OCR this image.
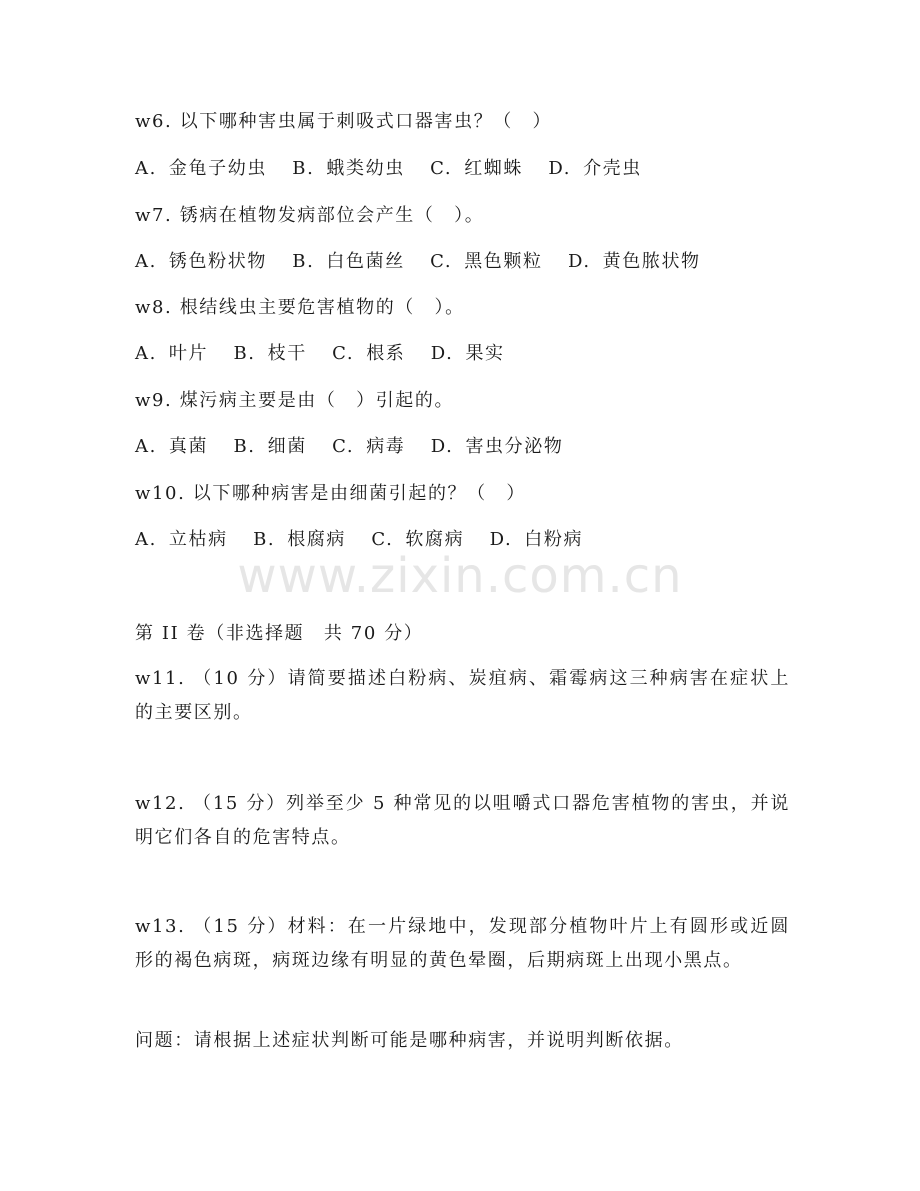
www.zixin.com.cn
w6. 以下哪种害虫属于刺吸式口器害虫？（　）
A. 金龟子幼虫 B. 蛾类幼虫 C. 红蜘蛛 D. 介壳虫
w7. 锈病在植物发病部位会产生（　）。
A. 锈色粉状物 B. 白色菌丝 C. 黑色颗粒 D. 黄色脓状物
w8. 根结线虫主要危害植物的（　）。
A. 叶片 B. 枝干 C. 根系 D. 果实
w9. 煤污病主要是由（　）引起的。
A. 真菌 B. 细菌 C. 病毒 D. 害虫分泌物
w10. 以下哪种病害是由细菌引起的？（　）
A. 立枯病 B. 根腐病 C. 软腐病 D. 白粉病
第 II 卷（非选择题　共 70 分）
w11. （10 分）请简要描述白粉病、炭疽病、霜霉病这三种病害在症状上的主要区别。
w12. （15 分）列举至少 5 种常见的以咀嚼式口器危害植物的害虫，并说明它们各自的危害特点。
w13. （15 分）材料：在一片绿地中，发现部分植物叶片上有圆形或近圆形的褐色病斑，病斑边缘有明显的黄色晕圈，后期病斑上出现小黑点。
问题：请根据上述症状判断可能是哪种病害，并说明判断依据。
